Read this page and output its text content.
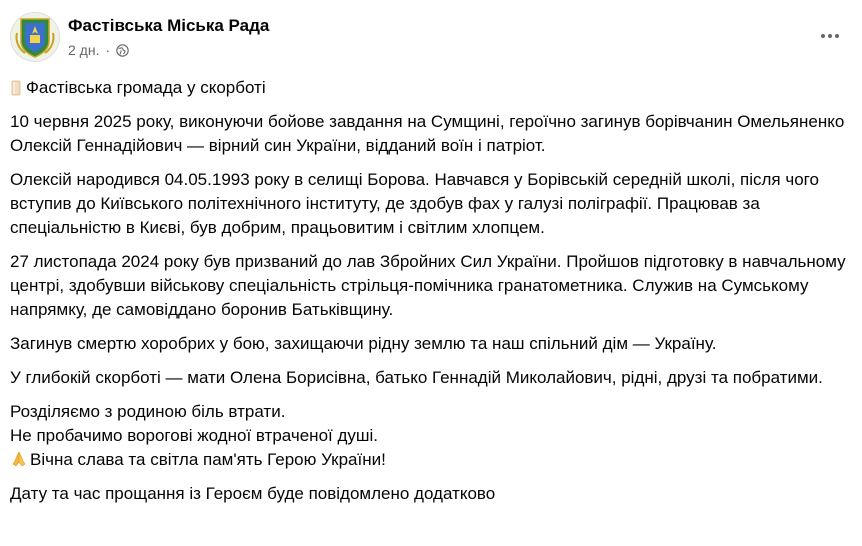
Фастівська Міська Рада
2 дн. ·

Фастівська громада у скорботі

10 червня 2025 року, виконуючи бойове завдання на Сумщині, героїчно загинув борівчанин Омельяненко Олексій Геннадійович — вірний син України, відданий воїн і патріот.

Олексій народився 04.05.1993 року в селищі Борова. Навчався у Борівській середній школі, після чого вступив до Київського політехнічного інституту, де здобув фах у галузі поліграфії. Працював за спеціальністю в Києві, був добрим, працьовитим і світлим хлопцем.

27 листопада 2024 року був призваний до лав Збройних Сил України. Пройшов підготовку в навчальному центрі, здобувши військову спеціальність стрільця-помічника гранатометника. Служив на Сумському напрямку, де самовіддано боронив Батьківщину.

Загинув смертю хоробрих у бою, захищаючи рідну землю та наш спільний дім — Україну.

У глибокій скорботі — мати Олена Борисівна, батько Геннадій Миколайович, рідні, друзі та побратими.

Розділяємо з родиною біль втрати.
Не пробачимо ворогові жодної втраченої душі.
Вічна слава та світла пам'ять Герою України!

Дату та час прощання із Героєм буде повідомлено додатково
